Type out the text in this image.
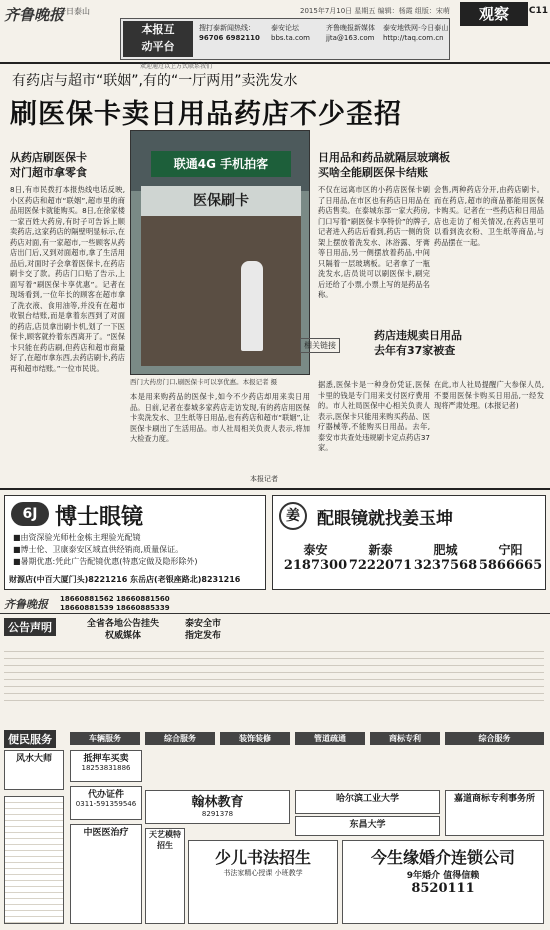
齐鲁晚报
今日泰山	2015年7月10日 星期五 编辑：杨霞 组版：宋萌	观察	C11
本报互
动平台
搜打泰新闻热线：
96706 6982110
泰安论坛
bbs.ta.com
齐鲁晚报新媒体
jjta@163.com
泰安地铁网·今日泰山
http://taq.com.cn
欢迎通过以上方式联系我们
有药店与超市“联姻”,有的“一厅两用”卖洗发水
刷医保卡卖日用品药店不少歪招
从药店刷医保卡
对门超市拿零食
8日,有市民拨打本报热线电话反映,小区药店和超市“联姻”,超市里的商品用医保卡就能购买。8日,在徐家楼一家百姓大药房,有时子可告诉上顺卖药店,这家药店的隔壁明显标示,在药店对面,有一家超市,一些顾客从药店出门后,又到对面超市,拿了生活用品后,对面时子会拿着医保卡,在药店刷卡交了款。药店门口贴了告示,上面写着“刷医保卡享优惠”。记者在现场看到,一位年长的顾客在超市拿了洗衣液、食用油等,并没有在超市收银台结账,而是拿着东西到了对面的药店,店员拿出刷卡机,划了一下医保卡,顾客就拎着东西离开了。“医保卡只能在药店刷,但药店和超市商量好了,在超市拿东西,去药店刷卡,药店再和超市结账。”一位市民说。
联通4G 手机拍客
医保刷卡
西门大药房门口,刷医保卡可以享优惠。本报记者 摄
本是用来购药品的医保卡,如今不少药店却用来卖日用品。日前,记者在泰城多家药店走访发现,有的药店用医保卡卖洗发水、卫生纸等日用品,也有药店和超市“联姻”,让医保卡刷出了生活用品。市人社局相关负责人表示,将加大检查力度。
本报记者
日用品和药品就隔层玻璃板
买啥全能刷医保卡结账
不仅在远离市区的小药店医保卡刷了日用品,在市区也有药店日用品在药店售卖。在泰城东部一家大药房,门口写着“刷医保卡享特价”的牌子,记者进入药店后看到,药店一侧的货架上摆放着洗发水、沐浴露、牙膏等日用品,另一侧摆放着药品,中间只隔着一层玻璃板。记者拿了一瓶洗发水,店员说可以刷医保卡,刷完后还给了小票,小票上写的是药品名称。
会售,两种药店分开,由药店刷卡。而在药店,超市的商品都能用医保卡购买。记者在一些药店和日用品店也走访了相关情况,在药店里可以看到洗衣粉、卫生纸等商品,与药品摆在一起。
相关链接
药店违规卖日用品
去年有37家被查
据悉,医保卡是一种身份凭证,医保卡里的钱是专门用来支付医疗费用的。市人社局医保中心相关负责人表示,医保卡只能用来购买药品、医疗器械等,不能购买日用品。去年,泰安市共查处违规刷卡定点药店37家。
在此,市人社局提醒广大参保人员,不要用医保卡购买日用品,一经发现将严肃处理。(本报记者)
6J 博士眼镜
■由资深验光师杜金栋主理验光配镜
■博士伦、卫康泰安区域直供经销商,质量保证。
■暑期优惠:凭此广告配镜优惠(特惠定做及隐形除外)
财源店(中百大厦门头)8221216 东岳店(老银座路北)8231216
姜	配眼镜就找姜玉坤
泰安
2187300
新泰
7222071
肥城
3237568
宁阳
5866665
齐鲁晚报 18660881562 18660881560
18660881539 18660885339
公告声明	全省各地公告挂失
权威媒体
泰安全市
指定发布
便民服务	车辆服务	综合服务	装饰装修	管道疏通	商标专利	综合服务
风水大师	抵押车买卖
18253831886
代办证件
0311-591359546	翰林教育
8291378
哈尔滨工业大学
东昌大学
嘉道商标专利事务所
中医医治疗	天艺模特招生
少儿书法招生
书法家精心授课 小班教学
今生缘婚介连锁公司
9年婚介 值得信赖
8520111
